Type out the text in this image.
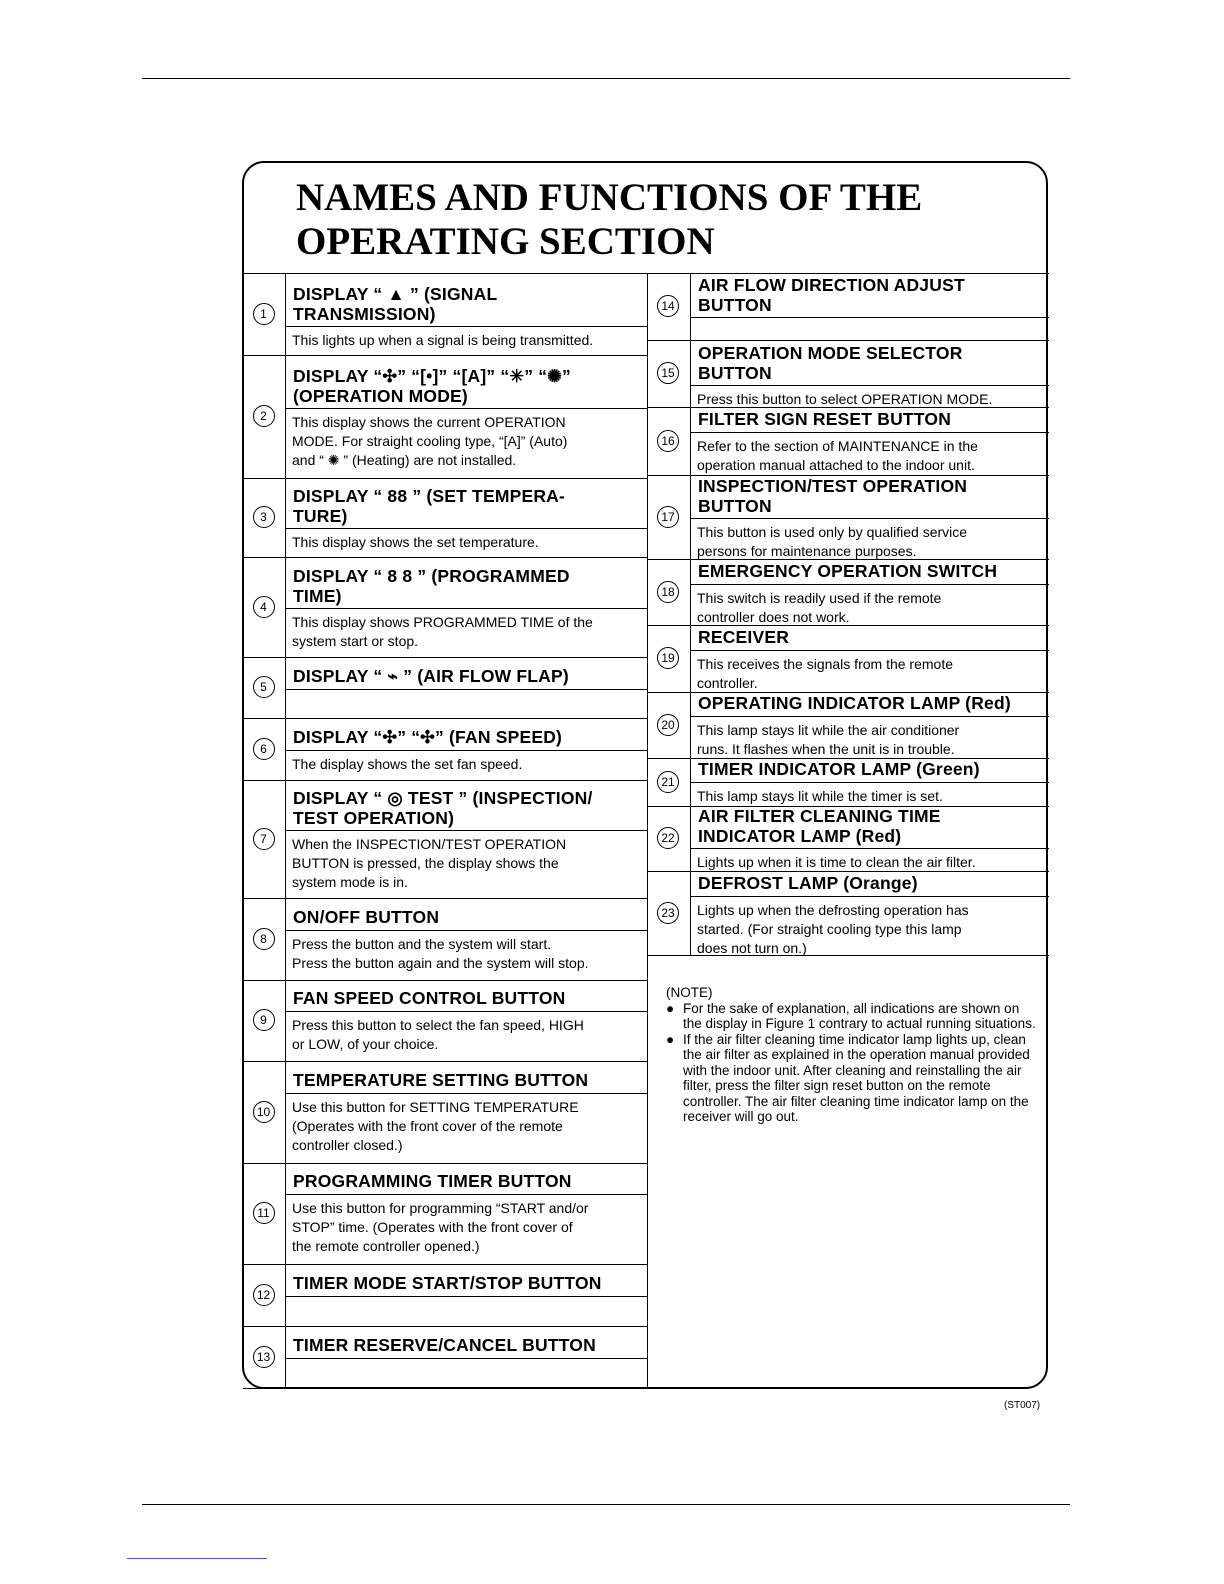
NAMES AND FUNCTIONS OF THE
OPERATING SECTION
1
DISPLAY “ ▲ ” (SIGNAL
TRANSMISSION)
This lights up when a signal is being transmitted.
2
DISPLAY “✣” “[•]” “[A]” “✳” “✺”
(OPERATION MODE)
This display shows the current OPERATION
MODE. For straight cooling type, “[A]” (Auto)
and “ ✺ ” (Heating) are not installed.
3
DISPLAY “ 88 ” (SET TEMPERA-
TURE)
This display shows the set temperature.
4
DISPLAY “ 8 8 ” (PROGRAMMED
TIME)
This display shows PROGRAMMED TIME of the
system start or stop.
5
DISPLAY “ ⌁ ” (AIR FLOW FLAP)
6
DISPLAY “✣” “✣” (FAN SPEED)
The display shows the set fan speed.
7
DISPLAY “ ◎ TEST ” (INSPECTION/
TEST OPERATION)
When the INSPECTION/TEST OPERATION
BUTTON is pressed, the display shows the
system mode is in.
8
ON/OFF BUTTON
Press the button and the system will start.
Press the button again and the system will stop.
9
FAN SPEED CONTROL BUTTON
Press this button to select the fan speed, HIGH
or LOW, of your choice.
10
TEMPERATURE SETTING BUTTON
Use this button for SETTING TEMPERATURE
(Operates with the front cover of the remote
controller closed.)
11
PROGRAMMING TIMER BUTTON
Use this button for programming “START and/or
STOP” time. (Operates with the front cover of
the remote controller opened.)
12
TIMER MODE START/STOP BUTTON
13
TIMER RESERVE/CANCEL BUTTON
14
AIR FLOW DIRECTION ADJUST
BUTTON
15
OPERATION MODE SELECTOR
BUTTON
Press this button to select OPERATION MODE.
16
FILTER SIGN RESET BUTTON
Refer to the section of MAINTENANCE in the
operation manual attached to the indoor unit.
17
INSPECTION/TEST OPERATION
BUTTON
This button is used only by qualified service
persons for maintenance purposes.
18
EMERGENCY OPERATION SWITCH
This switch is readily used if the remote
controller does not work.
19
RECEIVER
This receives the signals from the remote
controller.
20
OPERATING INDICATOR LAMP (Red)
This lamp stays lit while the air conditioner
runs. It flashes when the unit is in trouble.
21
TIMER INDICATOR LAMP (Green)
This lamp stays lit while the timer is set.
22
AIR FILTER CLEANING TIME
INDICATOR LAMP (Red)
Lights up when it is time to clean the air filter.
23
DEFROST LAMP (Orange)
Lights up when the defrosting operation has
started. (For straight cooling type this lamp
does not turn on.)
(NOTE)
● For the sake of explanation, all indications are shown on the display in Figure 1 contrary to actual running situations.
● If the air filter cleaning time indicator lamp lights up, clean the air filter as explained in the operation manual provided with the indoor unit. After cleaning and reinstalling the air filter, press the filter sign reset button on the remote controller. The air filter cleaning time indicator lamp on the receiver will go out.
(ST007)
